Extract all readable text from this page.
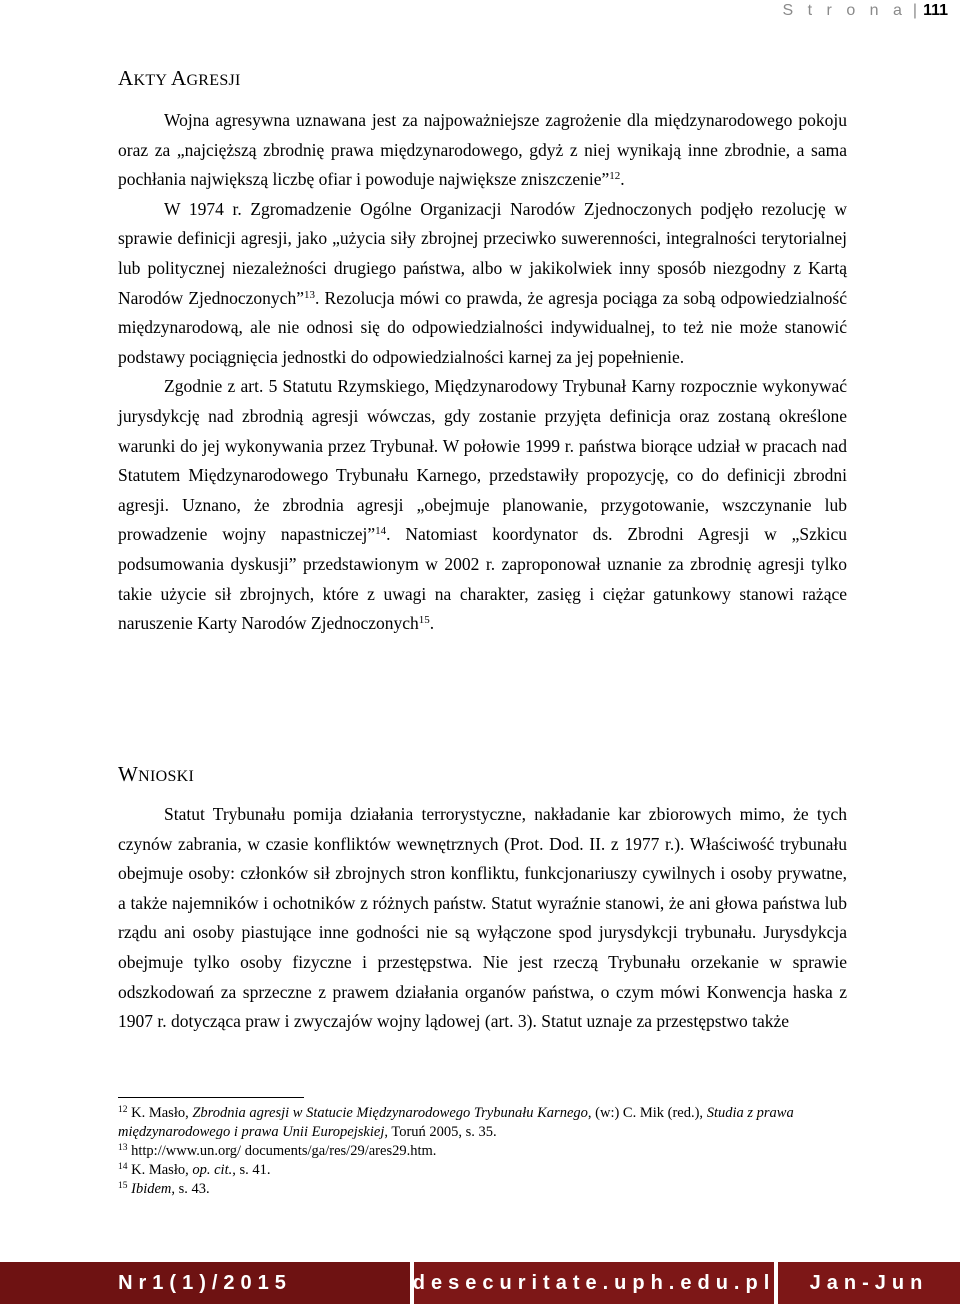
S t r o n a | 111
AKTY AGRESJI

Wojna agresywna uznawana jest za najpoważniejsze zagrożenie dla międzynarodowego pokoju oraz za „najcięższą zbrodnię prawa międzynarodowego, gdyż z niej wynikają inne zbrodnie, a sama pochłania największą liczbę ofiar i powoduje największe zniszczenie”$^{12}$.

W 1974 r. Zgromadzenie Ogólne Organizacji Narodów Zjednoczonych podjęło rezolucję w sprawie definicji agresji, jako „użycia siły zbrojnej przeciwko suwerenności, integralności terytorialnej lub politycznej niezależności drugiego państwa, albo w jakikolwiek inny sposób niezgodny z Kartą Narodów Zjednoczonych”$^{13}$. Rezolucja mówi co prawda, że agresja pociąga za sobą odpowiedzialność międzynarodową, ale nie odnosi się do odpowiedzialności indywidualnej, to też nie może stanowić podstawy pociągnięcia jednostki do odpowiedzialności karnej za jej popełnienie.

Zgodnie z art. 5 Statutu Rzymskiego, Międzynarodowy Trybunał Karny rozpocznie wykonywać jurysdykcję nad zbrodnią agresji wówczas, gdy zostanie przyjęta definicja oraz zostaną określone warunki do jej wykonywania przez Trybunał. W połowie 1999 r. państwa biorące udział w pracach nad Statutem Międzynarodowego Trybunału Karnego, przedstawiły propozycję, co do definicji zbrodni agresji. Uznano, że zbrodnia agresji „obejmuje planowanie, przygotowanie, wszczynanie lub prowadzenie wojny napastniczej”$^{14}$. Natomiast koordynator ds. Zbrodni Agresji w „Szkicu podsumowania dyskusji” przedstawionym w 2002 r. zaproponował uznanie za zbrodnię agresji tylko takie użycie sił zbrojnych, które z uwagi na charakter, zasięg i ciężar gatunkowy stanowi rażące naruszenie Karty Narodów Zjednoczonych$^{15}$.

WNIOSKI

Statut Trybunału pomija działania terrorystyczne, nakładanie kar zbiorowych mimo, że tych czynów zabrania, w czasie konfliktów wewnętrznych (Prot. Dod. II. z 1977 r.). Właściwość trybunału obejmuje osoby: członków sił zbrojnych stron konfliktu, funkcjonariuszy cywilnych i osoby prywatne, a także najemników i ochotników z różnych państw. Statut wyraźnie stanowi, że ani głowa państwa lub rządu ani osoby piastujące inne godności nie są wyłączone spod jurysdykcji trybunału. Jurysdykcja obejmuje tylko osoby fizyczne i przestępstwa. Nie jest rzeczą Trybunału orzekanie w sprawie odszkodowań za sprzeczne z prawem działania organów państwa, o czym mówi Konwencja haska z 1907 r. dotycząca praw i zwyczajów wojny lądowej (art. 3). Statut uznaje za przestępstwo także

$^{12}$ K. Masło, Zbrodnia agresji w Statucie Międzynarodowego Trybunału Karnego, (w:) C. Mik (red.), Studia z prawa międzynarodowego i prawa Unii Europejskiej, Toruń 2005, s. 35.
$^{13}$ http://www.un.org/ documents/ga/res/29/ares29.htm.
$^{14}$ K. Masło, op. cit., s. 41.
$^{15}$ Ibidem, s. 43.
Nr1(1)/2015	desecuritate.uph.edu.pl	Jan-Jun
